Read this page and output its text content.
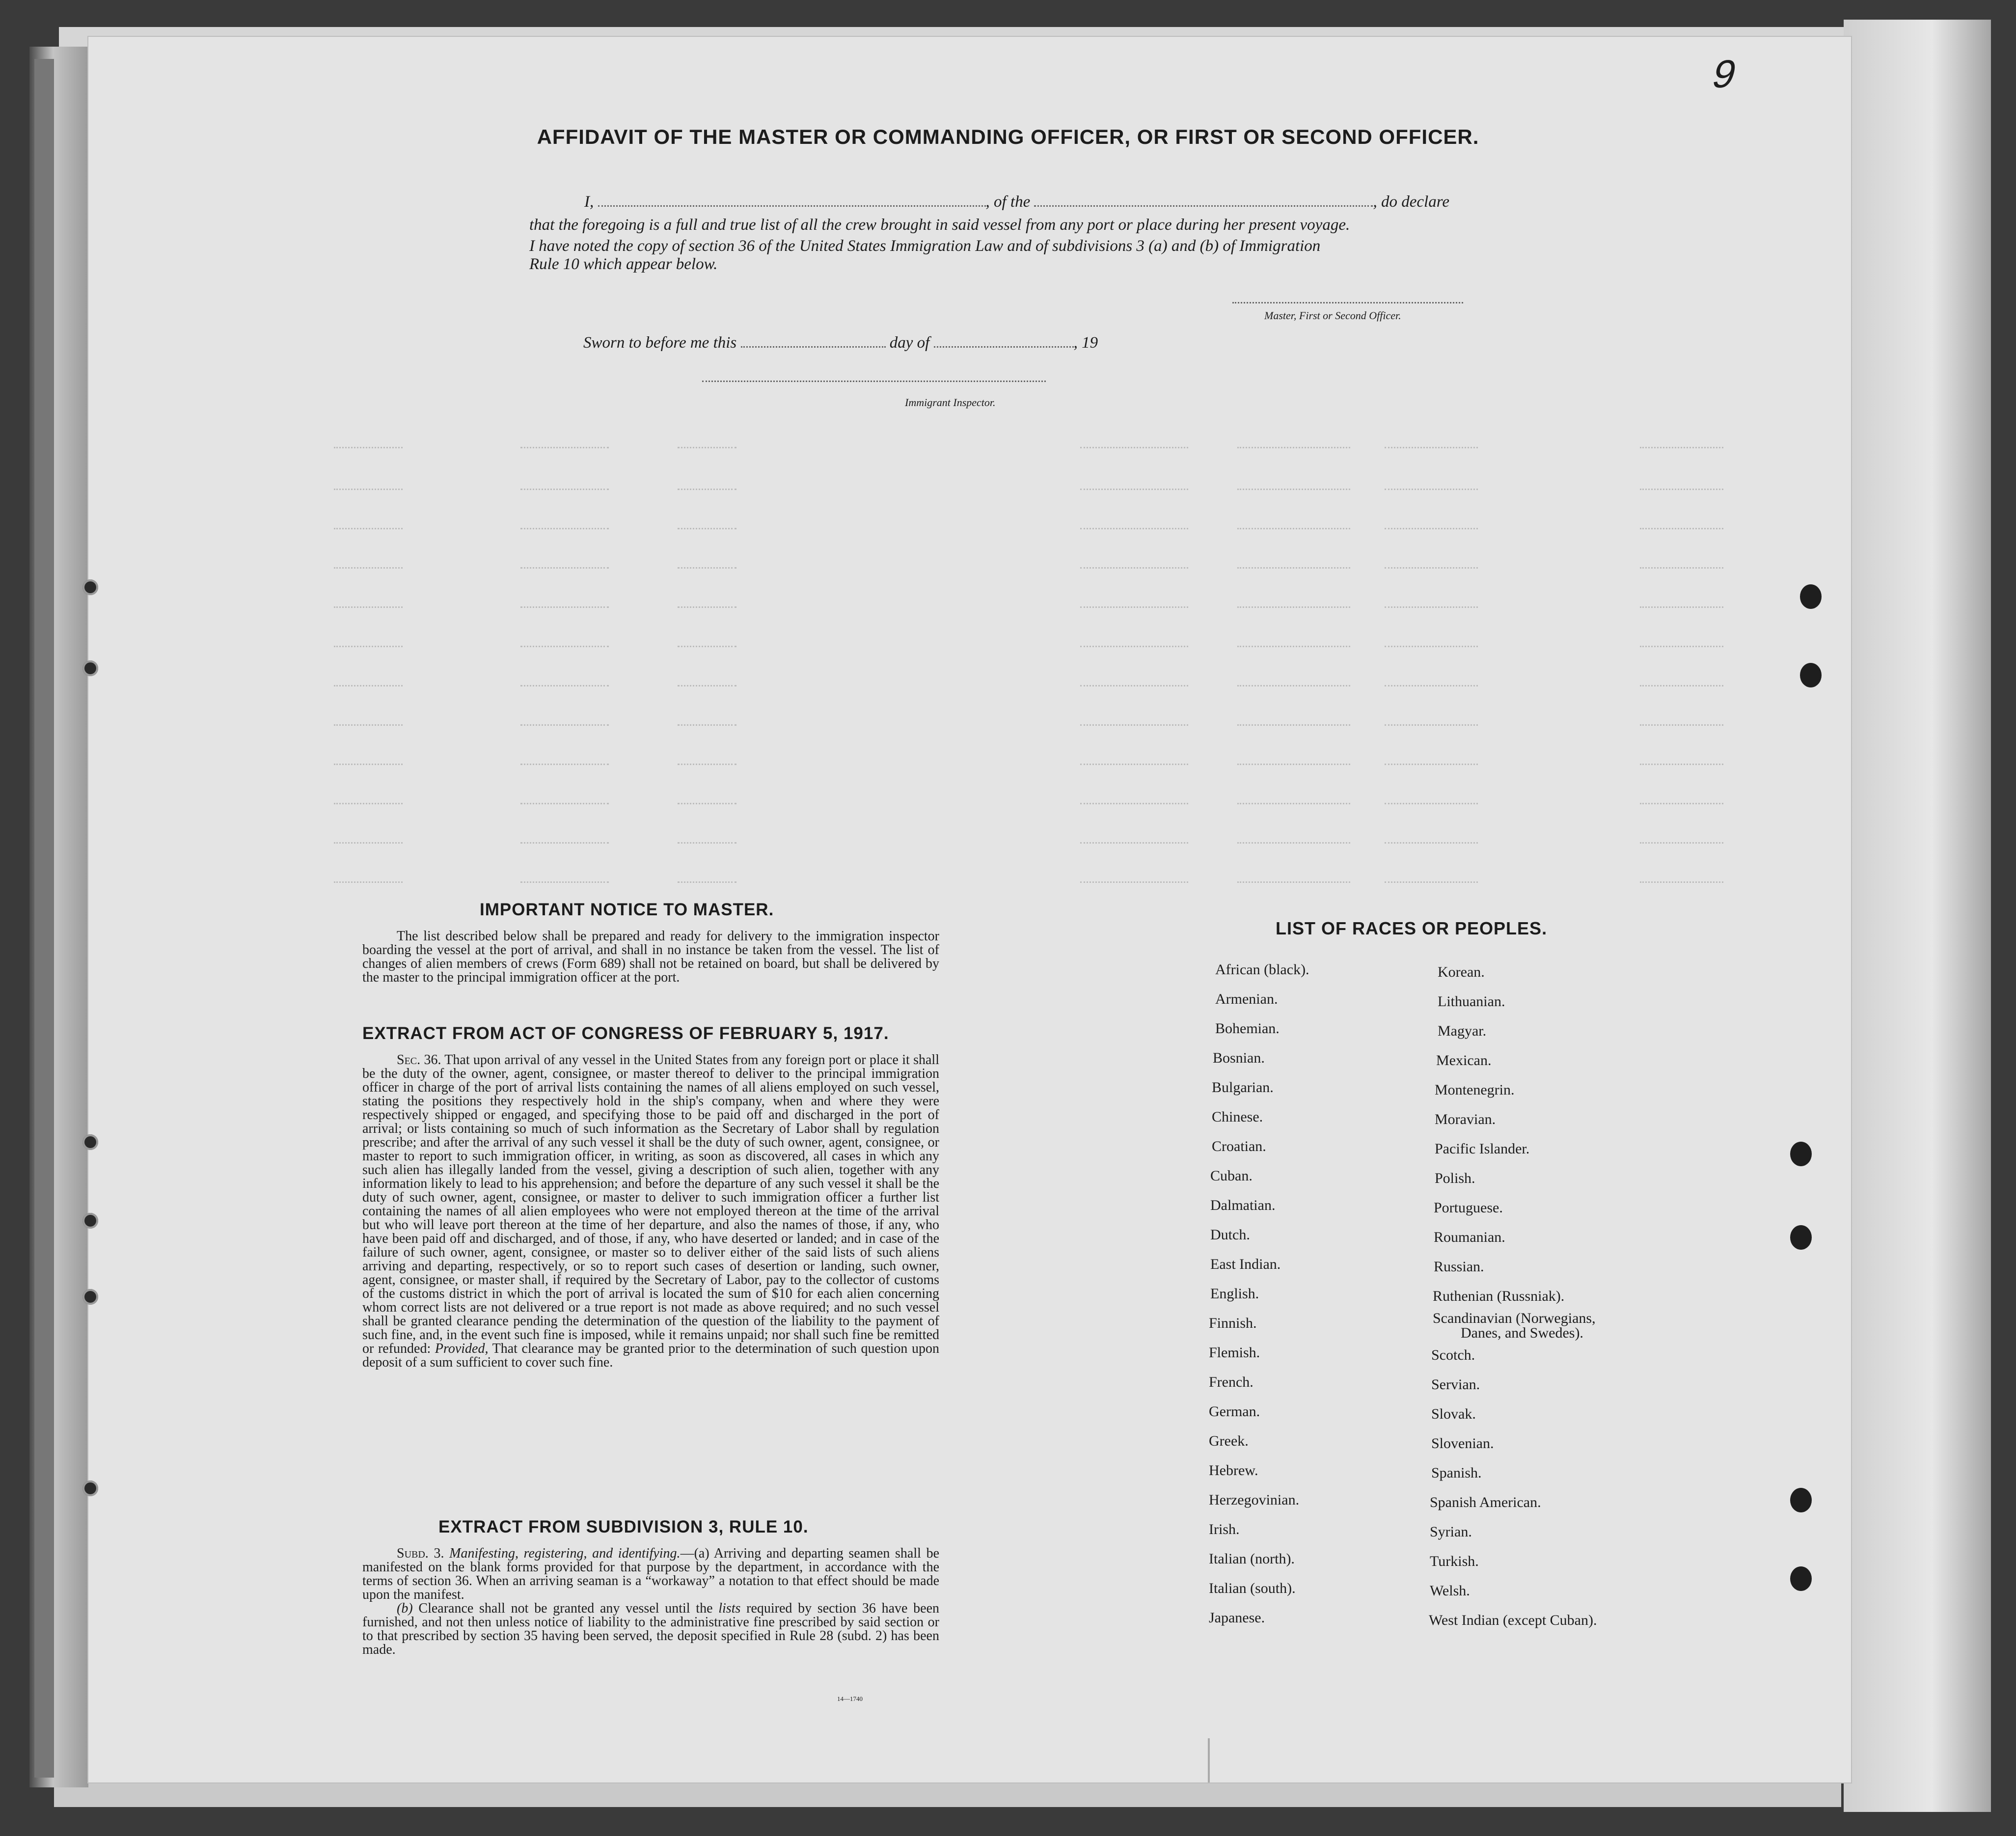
9
AFFIDAVIT OF THE MASTER OR COMMANDING OFFICER, OR FIRST OR SECOND OFFICER.
I,	, of the	, do declare
that the foregoing is a full and true list of all the crew brought in said vessel from any port or place during her present voyage.
I have noted the copy of section 36 of the United States Immigration Law and of subdivisions 3 (a) and (b) of Immigration
Rule 10 which appear below.
Master, First or Second Officer.
Sworn to before me this	day of	, 19
Immigrant Inspector.
IMPORTANT NOTICE TO MASTER.

The list described below shall be prepared and ready for delivery to the immigration inspector boarding the vessel at the port of arrival, and shall in no instance be taken from the vessel. The list of changes of alien members of crews (Form 689) shall not be retained on board, but shall be delivered by the master to the principal immigration officer at the port.

EXTRACT FROM ACT OF CONGRESS OF FEBRUARY 5, 1917.

Sec. 36. That upon arrival of any vessel in the United States from any foreign port or place it shall be the duty of the owner, agent, consignee, or master thereof to deliver to the principal immigration officer in charge of the port of arrival lists containing the names of all aliens employed on such vessel, stating the positions they respectively hold in the ship's company, when and where they were respectively shipped or engaged, and specifying those to be paid off and discharged in the port of arrival; or lists containing so much of such information as the Secretary of Labor shall by regulation prescribe; and after the arrival of any such vessel it shall be the duty of such owner, agent, consignee, or master to report to such immigration officer, in writing, as soon as discovered, all cases in which any such alien has illegally landed from the vessel, giving a description of such alien, together with any information likely to lead to his apprehension; and before the departure of any such vessel it shall be the duty of such owner, agent, consignee, or master to deliver to such immigration officer a further list containing the names of all alien employees who were not employed thereon at the time of the arrival but who will leave port thereon at the time of her departure, and also the names of those, if any, who have been paid off and discharged, and of those, if any, who have deserted or landed; and in case of the failure of such owner, agent, consignee, or master so to deliver either of the said lists of such aliens arriving and departing, respectively, or so to report such cases of desertion or landing, such owner, agent, consignee, or master shall, if required by the Secretary of Labor, pay to the collector of customs of the customs district in which the port of arrival is located the sum of $10 for each alien concerning whom correct lists are not delivered or a true report is not made as above required; and no such vessel shall be granted clearance pending the determination of the question of the liability to the payment of such fine, and, in the event such fine is imposed, while it remains unpaid; nor shall such fine be remitted or refunded: Provided, That clearance may be granted prior to the determination of such question upon deposit of a sum sufficient to cover such fine.

EXTRACT FROM SUBDIVISION 3, RULE 10.

Subd. 3. Manifesting, registering, and identifying.—(a) Arriving and departing seamen shall be manifested on the blank forms provided for that purpose by the department, in accordance with the terms of section 36. When an arriving seaman is a “workaway” a notation to that effect should be made upon the manifest.

(b) Clearance shall not be granted any vessel until the lists required by section 36 have been furnished, and not then unless notice of liability to the administrative fine prescribed by said section or to that prescribed by section 35 having been served, the deposit specified in Rule 28 (subd. 2) has been made.

14—1740
LIST OF RACES OR PEOPLES.
African (black).
Armenian.
Bohemian.
Bosnian.
Bulgarian.
Chinese.
Croatian.
Cuban.
Dalmatian.
Dutch.
East Indian.
English.
Finnish.
Flemish.
French.
German.
Greek.
Hebrew.
Herzegovinian.
Irish.
Italian (north).
Italian (south).
Japanese.
Korean.
Lithuanian.
Magyar.
Mexican.
Montenegrin.
Moravian.
Pacific Islander.
Polish.
Portuguese.
Roumanian.
Russian.
Ruthenian (Russniak).
Scandinavian (Norwegians,
Danes, and Swedes).
Scotch.
Servian.
Slovak.
Slovenian.
Spanish.
Spanish American.
Syrian.
Turkish.
Welsh.
West Indian (except Cuban).
